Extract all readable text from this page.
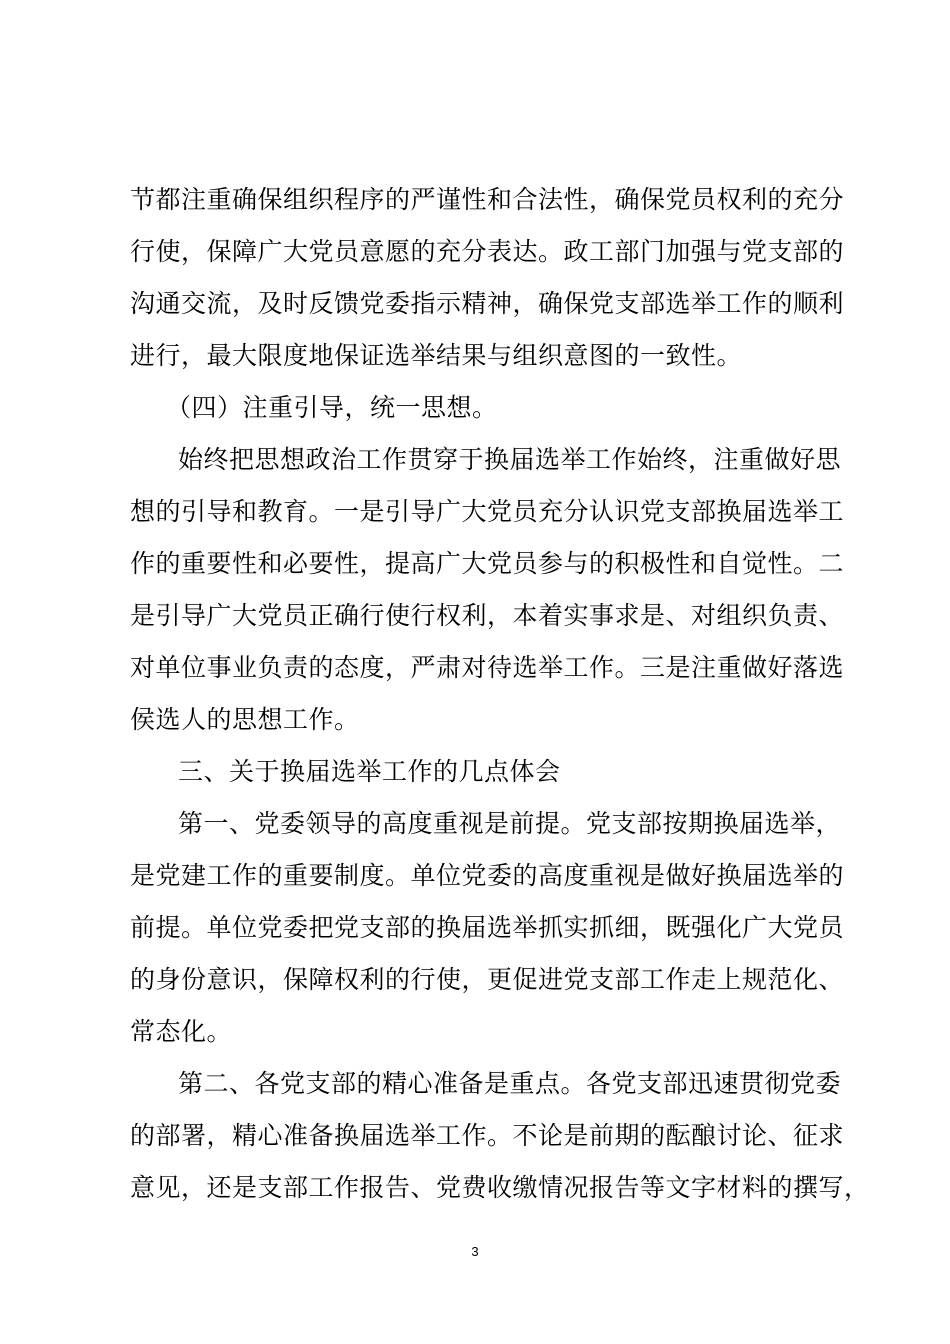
节都注重确保组织程序的严谨性和合法性，确保党员权利的充分
行使，保障广大党员意愿的充分表达。政工部门加强与党支部的
沟通交流，及时反馈党委指示精神，确保党支部选举工作的顺利
进行，最大限度地保证选举结果与组织意图的一致性。
（四）注重引导，统一思想。
始终把思想政治工作贯穿于换届选举工作始终，注重做好思
想的引导和教育。一是引导广大党员充分认识党支部换届选举工
作的重要性和必要性，提高广大党员参与的积极性和自觉性。二
是引导广大党员正确行使行权利，本着实事求是、对组织负责、
对单位事业负责的态度，严肃对待选举工作。三是注重做好落选
侯选人的思想工作。
三、关于换届选举工作的几点体会
第一、党委领导的高度重视是前提。党支部按期换届选举，
是党建工作的重要制度。单位党委的高度重视是做好换届选举的
前提。单位党委把党支部的换届选举抓实抓细，既强化广大党员
的身份意识，保障权利的行使，更促进党支部工作走上规范化、
常态化。
第二、各党支部的精心准备是重点。各党支部迅速贯彻党委
的部署，精心准备换届选举工作。不论是前期的酝酿讨论、征求
意见，还是支部工作报告、党费收缴情况报告等文字材料的撰写，
3
